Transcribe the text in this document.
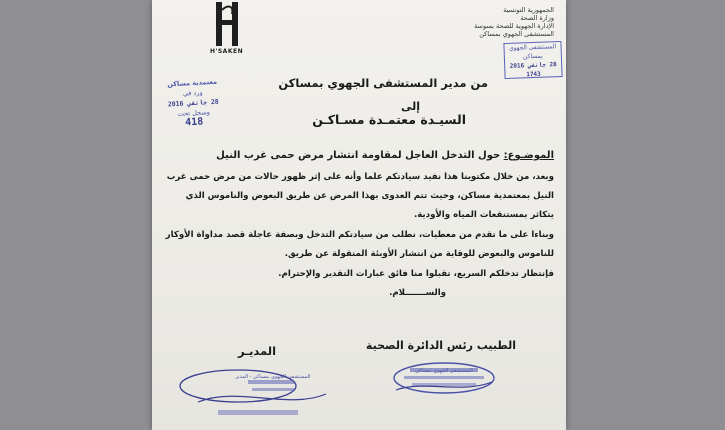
H'SAKEN
الجمهورية التونسية
وزارة الصحة
الإدارة الجهوية للصحة بسوسة
المستشفى الجهوي بمساكن
المستشفى الجهوي بمساكن
28 جانفي 2016
1743
معتمدية مساكن
ورد في
28 جانفي 2016
وسجل تحت
418
من مدير المستشفى الجهوي بمساكن
إلى
السيـدة معتمـدة مسـاكـن
الموضـوع: حول التدخل العاجل لمقاومة انتشار مرض حمى غرب النيل
وبعد، من خلال مكتوبنا هذا نفيد سيادتكم علما وأنه على إثر ظهور حالات من مرض حمى غرب النيل بمعتمدية مساكن، وحيث تتم العدوى بهذا المرض عن طريق البعوض والناموس الذي يتكاثر بمستنقعات المياه والأودية.
وبناءا على ما تقدم من معطيات، نطلب من سيادتكم التدخل وبصفة عاجلة قصد مداواة الأوكار للناموس والبعوض للوقاية من انتشار الأوبئة المنقولة عن طريق.
فإنتظار تدخلكم السريع، تقبلوا منا فائق عبارات التقدير والإحترام.
والســـــــلام.
الطبيب رئس الدائرة الصحية
المديـر
المستشفى الجهوي بمساكن
المستشفى الجهوي بمساكن - المدير
